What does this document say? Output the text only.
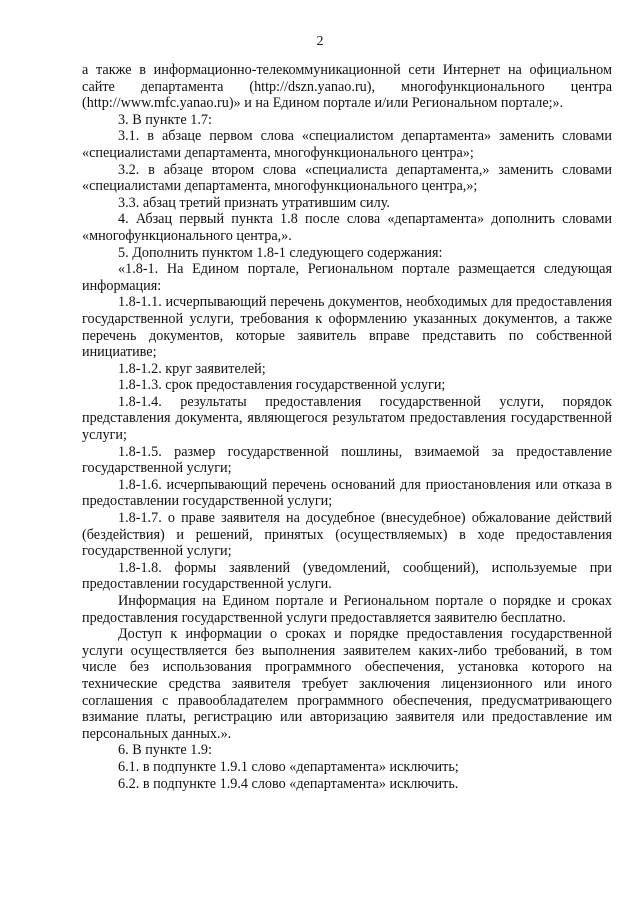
2

а также в информационно-телекоммуникационной сети Интернет на официальном сайте департамента (http://dszn.yanao.ru), многофункционального центра (http://www.mfc.yanao.ru)» и на Едином портале и/или Региональном портале;».

3. В пункте 1.7:

3.1. в абзаце первом слова «специалистом департамента» заменить словами «специалистами департамента, многофункционального центра»;

3.2. в абзаце втором слова «специалиста департамента,» заменить словами «специалистами департамента, многофункционального центра,»;

3.3. абзац третий признать утратившим силу.

4. Абзац первый пункта 1.8 после слова «департамента» дополнить словами «многофункционального центра,».

5. Дополнить пунктом 1.8-1 следующего содержания:

«1.8-1. На Едином портале, Региональном портале размещается следующая информация:

1.8-1.1. исчерпывающий перечень документов, необходимых для предоставления государственной услуги, требования к оформлению указанных документов, а также перечень документов, которые заявитель вправе представить по собственной инициативе;

1.8-1.2. круг заявителей;

1.8-1.3. срок предоставления государственной услуги;

1.8-1.4. результаты предоставления государственной услуги, порядок представления документа, являющегося результатом предоставления государственной услуги;

1.8-1.5. размер государственной пошлины, взимаемой за предоставление государственной услуги;

1.8-1.6. исчерпывающий перечень оснований для приостановления или отказа в предоставлении государственной услуги;

1.8-1.7. о праве заявителя на досудебное (внесудебное) обжалование действий (бездействия) и решений, принятых (осуществляемых) в ходе предоставления государственной услуги;

1.8-1.8. формы заявлений (уведомлений, сообщений), используемые при предоставлении государственной услуги.

Информация на Едином портале и Региональном портале о порядке и сроках предоставления государственной услуги предоставляется заявителю бесплатно.

Доступ к информации о сроках и порядке предоставления государственной услуги осуществляется без выполнения заявителем каких-либо требований, в том числе без использования программного обеспечения, установка которого на технические средства заявителя требует заключения лицензионного или иного соглашения с правообладателем программного обеспечения, предусматривающего взимание платы, регистрацию или авторизацию заявителя или предоставление им персональных данных.».

6. В пункте 1.9:

6.1. в подпункте 1.9.1 слово «департамента» исключить;

6.2. в подпункте 1.9.4 слово «департамента» исключить.
